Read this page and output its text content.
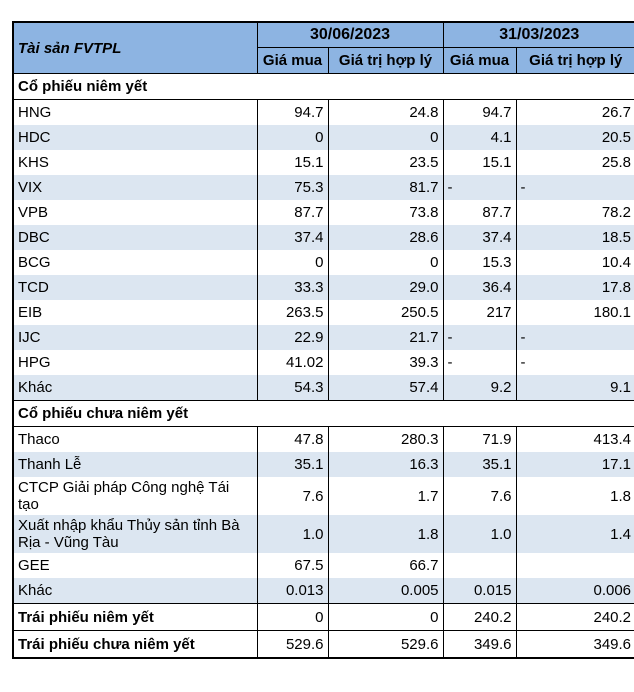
Tài sản FVTPL	30/06/2023		31/03/2023	
	Giá mua	Giá trị hợp lý	Giá mua	Giá trị hợp lý
Cổ phiếu niêm yết				
HNG	94.7	24.8	94.7	26.7
HDC	0	0	4.1	20.5
KHS	15.1	23.5	15.1	25.8
VIX	75.3	81.7	-	-
VPB	87.7	73.8	87.7	78.2
DBC	37.4	28.6	37.4	18.5
BCG	0	0	15.3	10.4
TCD	33.3	29.0	36.4	17.8
EIB	263.5	250.5	217	180.1
IJC	22.9	21.7	-	-
HPG	41.02	39.3	-	-
Khác	54.3	57.4	9.2	9.1
Cổ phiếu chưa niêm yết				
Thaco	47.8	280.3	71.9	413.4
Thanh Lễ	35.1	16.3	35.1	17.1
CTCP Giải pháp Công nghệ Tái tạo	7.6	1.7	7.6	1.8
Xuất nhập khẩu Thủy sản tỉnh Bà Rịa - Vũng Tàu	1.0	1.8	1.0	1.4
GEE	67.5	66.7		
Khác	0.013	0.005	0.015	0.006
Trái phiếu niêm yết	0	0	240.2	240.2
Trái phiếu chưa niêm yết	529.6	529.6	349.6	349.6
